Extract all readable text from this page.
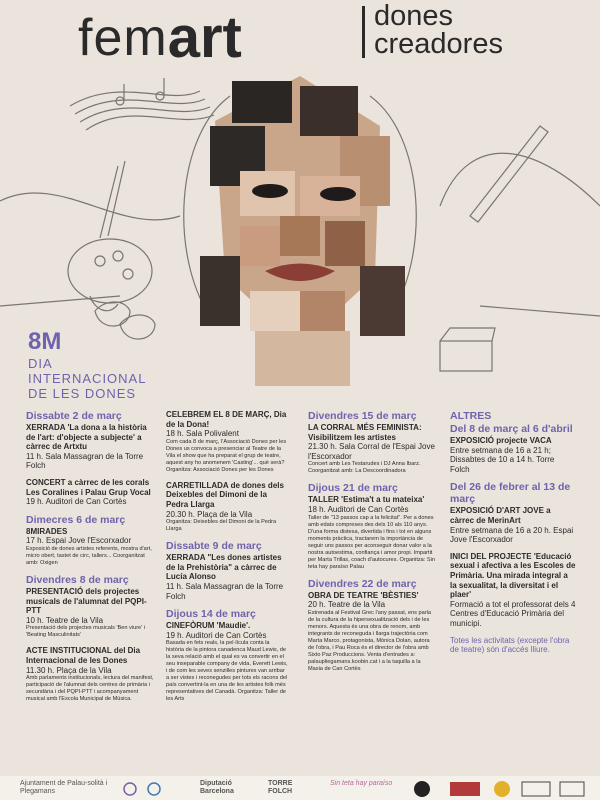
fem art	dones
creadores
8M
DIA
INTERNACIONAL
DE LES DONES
Dissabte 2 de març
XERRADA 'La dona a la història de l'art: d'objecte a subjecte' a càrrec de Artxtu
11 h. Sala Massagran de la Torre Folch
CONCERT a càrrec de les corals Les Coralines i Palau Grup Vocal
19 h. Auditori de Can Cortès
Dimecres 6 de març
8MIRADES
17 h. Espai Jove l'Escorxador
Exposició de dones artistes referents, mostra d'art, micro obert, tastet de circ, tallers... Coorganitzat amb: Oxigen
Divendres 8 de març
PRESENTACIÓ dels projectes musicals de l'alumnat del PQPI-PTT
10 h. Teatre de la Vila
Presentació dels projectes musicals 'Ben viure' i 'Beating Masculinitats'
ACTE INSTITUCIONAL del Dia Internacional de les Dones
11.30 h. Plaça de la Vila
Amb parlaments institucionals, lectura del manifest, participació de l'alumnat dels centres de primària i secundària i del PQPI-PTT i acompanyament musical amb l'Escola Municipal de Música.
CELEBREM EL 8 DE MARÇ, Dia de la Dona!
18 h. Sala Polivalent
Com cada 8 de març, l'Associació Dones per les Dones us convoca a presenciar al Teatre de la Vila el show que ha preparat el grup de teatre, aquest any ho anomenem 'Casting'... què serà? Organitza: Associació Dones per les Dones
CARRETILLADA de dones dels Deixebles del Dimoni de la Pedra Llarga
20.30 h. Plaça de la Vila
Organitza: Deixebles del Dimoni de la Pedra Llarga
Dissabte 9 de març
XERRADA "Les dones artistes de la Prehistòria" a càrrec de Lucía Alonso
11 h. Sala Massagran de la Torre Folch
Dijous 14 de març
CINEFÒRUM 'Maudie'.
19 h. Auditori de Can Cortès
Basada en fets reals, la pel·lícula conta la història de la pintora canadenca Maud Lewis, de la seva relació amb el qual es va convertir en el seu inseparable company de vida, Everett Lewis, i de com les seves senzilles pintures van arribar a ser vistes i reconegudes per tots els racons del país convertint-la en una de les artistes folk més representatives del Canadà. Organitza: Taller de les Arts
Divendres 15 de març
LA CORRAL MÉS FEMINISTA: Visibilitzem les artistes
21.30 h. Sala Corral de l'Espai Jove l'Escorxador
Concert amb Les Testarudes i DJ Anna Ibarz. Coorganitzat amb: La Descoordinadora
Dijous 21 de març
TALLER 'Estima't a tu mateixa'
18 h. Auditori de Can Cortès
Taller de "13 passos cap a la felicitat". Per a dones amb edats compreses des dels 10 als 110 anys. D'una forma distesa, divertida i fins i tot en alguns moments pràctica, tractarem la importància de seguir uns passos per aconseguir donar valor a la nostra autoestima, confiança i amor propi. Impartit per Marta Trillas, coach d'autocures. Organitza: Sin teta hay paraíso Palau
Divendres 22 de març
OBRA DE TEATRE 'BÈSTIES'
20 h. Teatre de la Vila
Estrenada al Festival Grec l'any passat, ens parla de la cultura de la hipersexualització dels i de les menors. Aquesta és una obra de renom, amb integrants de reconeguda i llarga trajectòria com Marta Marco, protagonista, Mònica Dolan, autora de l'obra, i Pau Roca és el director de l'obra amb Sixto Paz Produccions. Venta d'entrades a: palaupliegamans.koobin.cat i a la taquilla a la Masia de Can Cortès
ALTRES
Del 8 de març al 6 d'abril
EXPOSICIÓ projecte VACA
Entre setmana de 16 a 21 h; Dissabtes de 10 a 14 h. Torre Folch
Del 26 de febrer al 13 de març
EXPOSICIÓ D'ART JOVE a càrrec de MerinArt
Entre setmana de 16 a 20 h. Espai Jove l'Escorxador
INICI DEL PROJECTE 'Educació sexual i afectiva a les Escoles de Primària. Una mirada integral a la sexualitat, la diversitat i el plaer'
Formació a tot el professorat dels 4 Centres d'Educació Primària del municipi.
Totes les activitats (excepte l'obra de teatre) són d'accés lliure.
Ajuntament de Palau-solità i Plegamans
Diputació Barcelona
TORRE FOLCH
Sin teta hay paraíso
